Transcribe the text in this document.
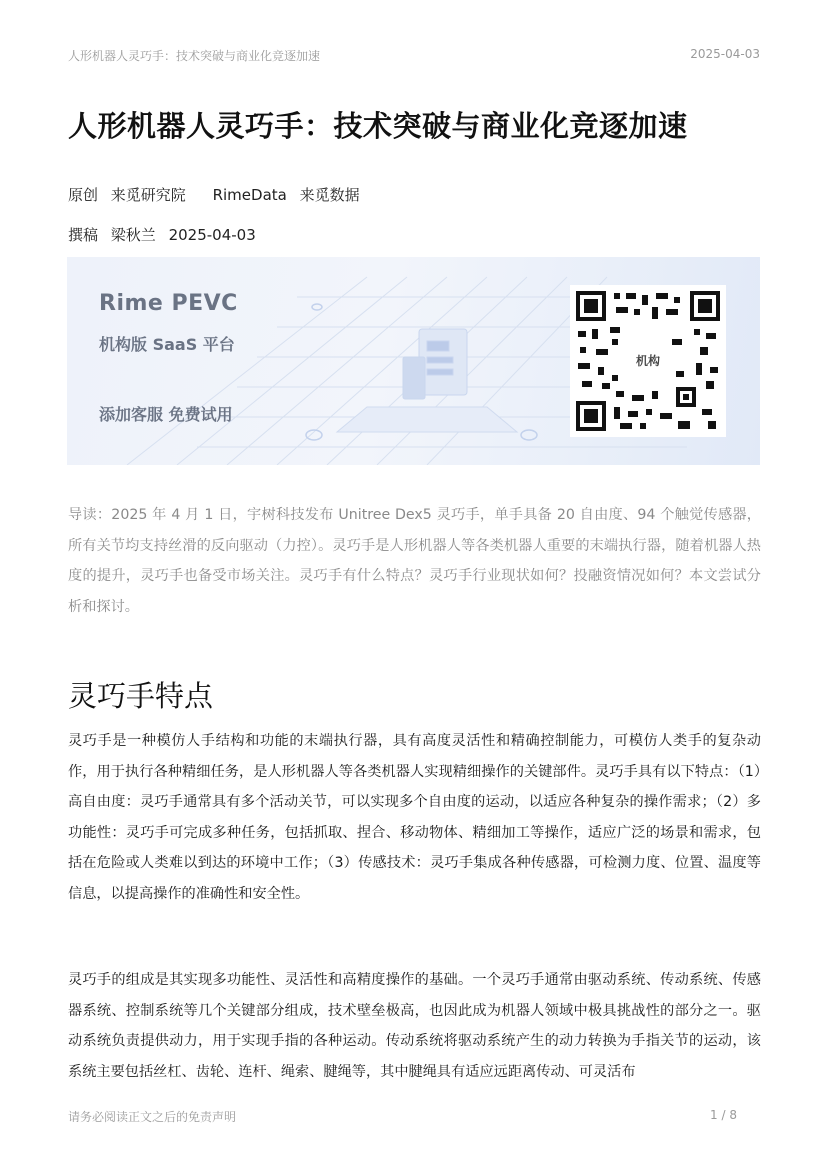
人形机器人灵巧手：技术突破与商业化竞逐加速	2025-04-03
人形机器人灵巧手：技术突破与商业化竞逐加速
原创 来觅研究院 RimeData 来觅数据
撰稿 梁秋兰 2025-04-03
Rime PEVC
机构版 SaaS 平台
添加客服 免费试用
机构

导读：2025 年 4 月 1 日，宇树科技发布 Unitree Dex5 灵巧手，单手具备 20 自由度、94 个触觉传感器，所有关节均支持丝滑的反向驱动（力控）。灵巧手是人形机器人等各类机器人重要的末端执行器，随着机器人热度的提升，灵巧手也备受市场关注。灵巧手有什么特点？灵巧手行业现状如何？投融资情况如何？本文尝试分析和探讨。

灵巧手特点

灵巧手是一种模仿人手结构和功能的末端执行器，具有高度灵活性和精确控制能力，可模仿人类手的复杂动作，用于执行各种精细任务，是人形机器人等各类机器人实现精细操作的关键部件。灵巧手具有以下特点：（1）高自由度：灵巧手通常具有多个活动关节，可以实现多个自由度的运动，以适应各种复杂的操作需求；（2）多功能性：灵巧手可完成多种任务，包括抓取、捏合、移动物体、精细加工等操作，适应广泛的场景和需求，包括在危险或人类难以到达的环境中工作；（3）传感技术：灵巧手集成各种传感器，可检测力度、位置、温度等信息，以提高操作的准确性和安全性。

灵巧手的组成是其实现多功能性、灵活性和高精度操作的基础。一个灵巧手通常由驱动系统、传动系统、传感器系统、控制系统等几个关键部分组成，技术壁垒极高，也因此成为机器人领域中极具挑战性的部分之一。驱动系统负责提供动力，用于实现手指的各种运动。传动系统将驱动系统产生的动力转换为手指关节的运动，该系统主要包括丝杠、齿轮、连杆、绳索、腱绳等，其中腱绳具有适应远距离传动、可灵活布

请务必阅读正文之后的免责声明	1 / 8
